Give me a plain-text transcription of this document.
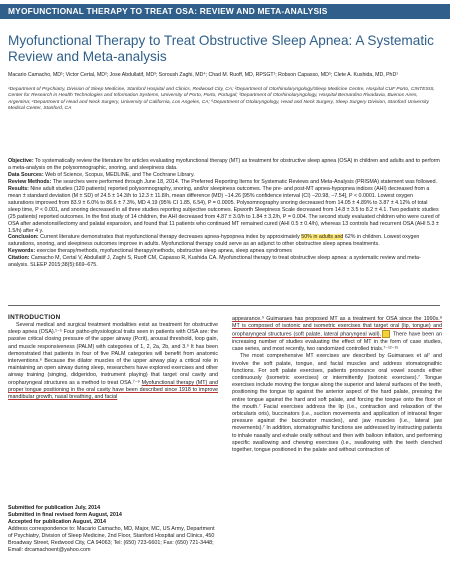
MYOFUNCTIONAL THERAPY TO TREAT OSA: REVIEW AND META-ANALYSIS
Myofunctional Therapy to Treat Obstructive Sleep Apnea: A Systematic Review and Meta-analysis
Macario Camacho, MD¹; Victor Certal, MD²; Jose Abdullatif, MD³; Soroush Zaghi, MD⁴; Chad M. Ruoff, MD, RPSGT¹; Robson Capasso, MD⁵; Clete A. Kushida, MD, PhD¹
¹Department of Psychiatry, Division of Sleep Medicine, Stanford Hospital and Clinics, Redwood City, CA; ²Department of Otorhinolaryngology/Sleep Medicine Centre, Hospital CUF Porto, CINTESIS, Center for Research in Health Technologies and Information Systems, University of Porto, Porto, Portugal; ³Department of Otorhinolaryngology, Hospital Bernardino Rivadavia, Buenos Aires, Argentina; ⁴Department of Head and Neck Surgery, University of California, Los Angeles, CA; ⁵Department of Otolaryngology, Head and Neck Surgery, Sleep Surgery Division, Stanford University Medical Center, Stanford, CA

Objective: To systematically review the literature for articles evaluating myofunctional therapy (MT) as treatment for obstructive sleep apnea (OSA) in children and adults and to perform a meta-analysis on the polysomnographic, snoring, and sleepiness data.

Data Sources: Web of Science, Scopus, MEDLINE, and The Cochrane Library.

Review Methods: The searches were performed through June 18, 2014. The Preferred Reporting Items for Systematic Reviews and Meta-Analysis (PRISMA) statement was followed.

Results: Nine adult studies (120 patients) reported polysomnography, snoring, and/or sleepiness outcomes. The pre- and post-MT apnea-hypopnea indices (AHI) decreased from a mean ± standard deviation (M ± SD) of 24.5 ± 14.3/h to 12.3 ± 11.8/h, mean difference (MD) −14.26 [95% confidence interval (CI) −20.98, −7.54], P < 0.0001. Lowest oxygen saturations improved from 83.9 ± 6.0% to 86.6 ± 7.3%, MD 4.19 (95% CI 1.85, 6.54), P = 0.0005. Polysomnography snoring decreased from 14.05 ± 4.89% to 3.87 ± 4.12% of total sleep time, P < 0.001, and snoring decreased in all three studies reporting subjective outcomes. Epworth Sleepiness Scale decreased from 14.8 ± 3.5 to 8.2 ± 4.1. Two pediatric studies (25 patients) reported outcomes. In the first study of 14 children, the AHI decreased from 4.87 ± 3.0/h to 1.84 ± 3.2/h, P = 0.004. The second study evaluated children who were cured of OSA after adenotonsillectomy and palatal expansion, and found that 11 patients who continued MT remained cured (AHI 0.5 ± 0.4/h), whereas 13 controls had recurrent OSA (AHI 5.3 ± 1.5/h) after 4 y.

Conclusion: Current literature demonstrates that myofunctional therapy decreases apnea-hypopnea index by approximately 50% in adults and 62% in children. Lowest oxygen saturations, snoring, and sleepiness outcomes improve in adults. Myofunctional therapy could serve as an adjunct to other obstructive sleep apnea treatments.

Keywords: exercise therapy/methods, myofunctional therapy/methods, obstructive sleep apnea, sleep apnea syndromes

Citation: Camacho M, Certal V, Abdullatif J, Zaghi S, Ruoff CM, Capasso R, Kushida CA. Myofunctional therapy to treat obstructive sleep apnea: a systematic review and meta-analysis. SLEEP 2015;38(5):669–675.

INTRODUCTION

Several medical and surgical treatment modalities exist as treatment for obstructive sleep apnea (OSA).¹⁻⁵ Four patho-physiological traits seen in patients with OSA are: the passive critical closing pressure of the upper airway (Pcrit), arousal threshold, loop gain, and muscle responsiveness (PALM) with categories of 1, 2, 2a, 2b, and 3.⁶ It has been demonstrated that patients in four of five PALM categories will benefit from anatomic interventions.⁶ Because the dilator muscles of the upper airway play a critical role in maintaining an open airway during sleep, researchers have explored exercises and other airway training (singing, didgeridoo, instrument playing) that target oral cavity and oropharyngeal structures as a method to treat OSA.⁷⁻⁹ Myofunctional therapy (MT) and proper tongue positioning in the oral cavity have been described since 1918 to improve mandibular growth, nasal breathing, and facial

appearance.⁹ Guimaraes has proposed MT as a treatment for OSA since the 1990s.⁸ MT is composed of isotonic and isometric exercises that target oral (lip, tongue) and oropharyngeal structures (soft palate, lateral pharyngeal wall). There have been an increasing number of studies evaluating the effect of MT in the form of case studies, case series, and most recently, two randomized controlled trials.⁷⁻¹²⁻¹⁵

The most comprehensive MT exercises are described by Guimaraes et al⁷ and involve the soft palate, tongue, and facial muscles and address stomatognathic functions. For soft palate exercises, patients pronounce oral vowel sounds either continuously (isometric exercises) or intermittently (isotonic exercises).⁷ Tongue exercises include moving the tongue along the superior and lateral surfaces of the teeth, positioning the tongue tip against the anterior aspect of the hard palate, pressing the entire tongue against the hard and soft palate, and forcing the tongue onto the floor of the mouth.⁷ Facial exercises address the lip (i.e., contraction and relaxation of the orbicularis oris), buccinators (i.e., suction movements and application of intraoral finger pressure against the buccinator muscles), and jaw muscles (i.e., lateral jaw movements).⁷ In addition, stomatognathic functions are addressed by instructing patients to inhale nasally and exhale orally without and then with balloon inflation, and performing specific swallowing and chewing exercises (i.e., swallowing with the teeth clenched together, tongue positioned in the palate and without contraction of

Submitted for publication July, 2014

Submitted in final revised form August, 2014

Accepted for publication August, 2014

Address correspondence to: Macario Camacho, MD, Major, MC, US Army, Department of Psychiatry, Division of Sleep Medicine, 2nd Floor, Stanford Hospital and Clinics, 450 Broadway Street, Redwood City, CA 94063; Tel: (650) 723-6601; Fax: (650) 721-3448; Email: drcamachoent@yahoo.com
